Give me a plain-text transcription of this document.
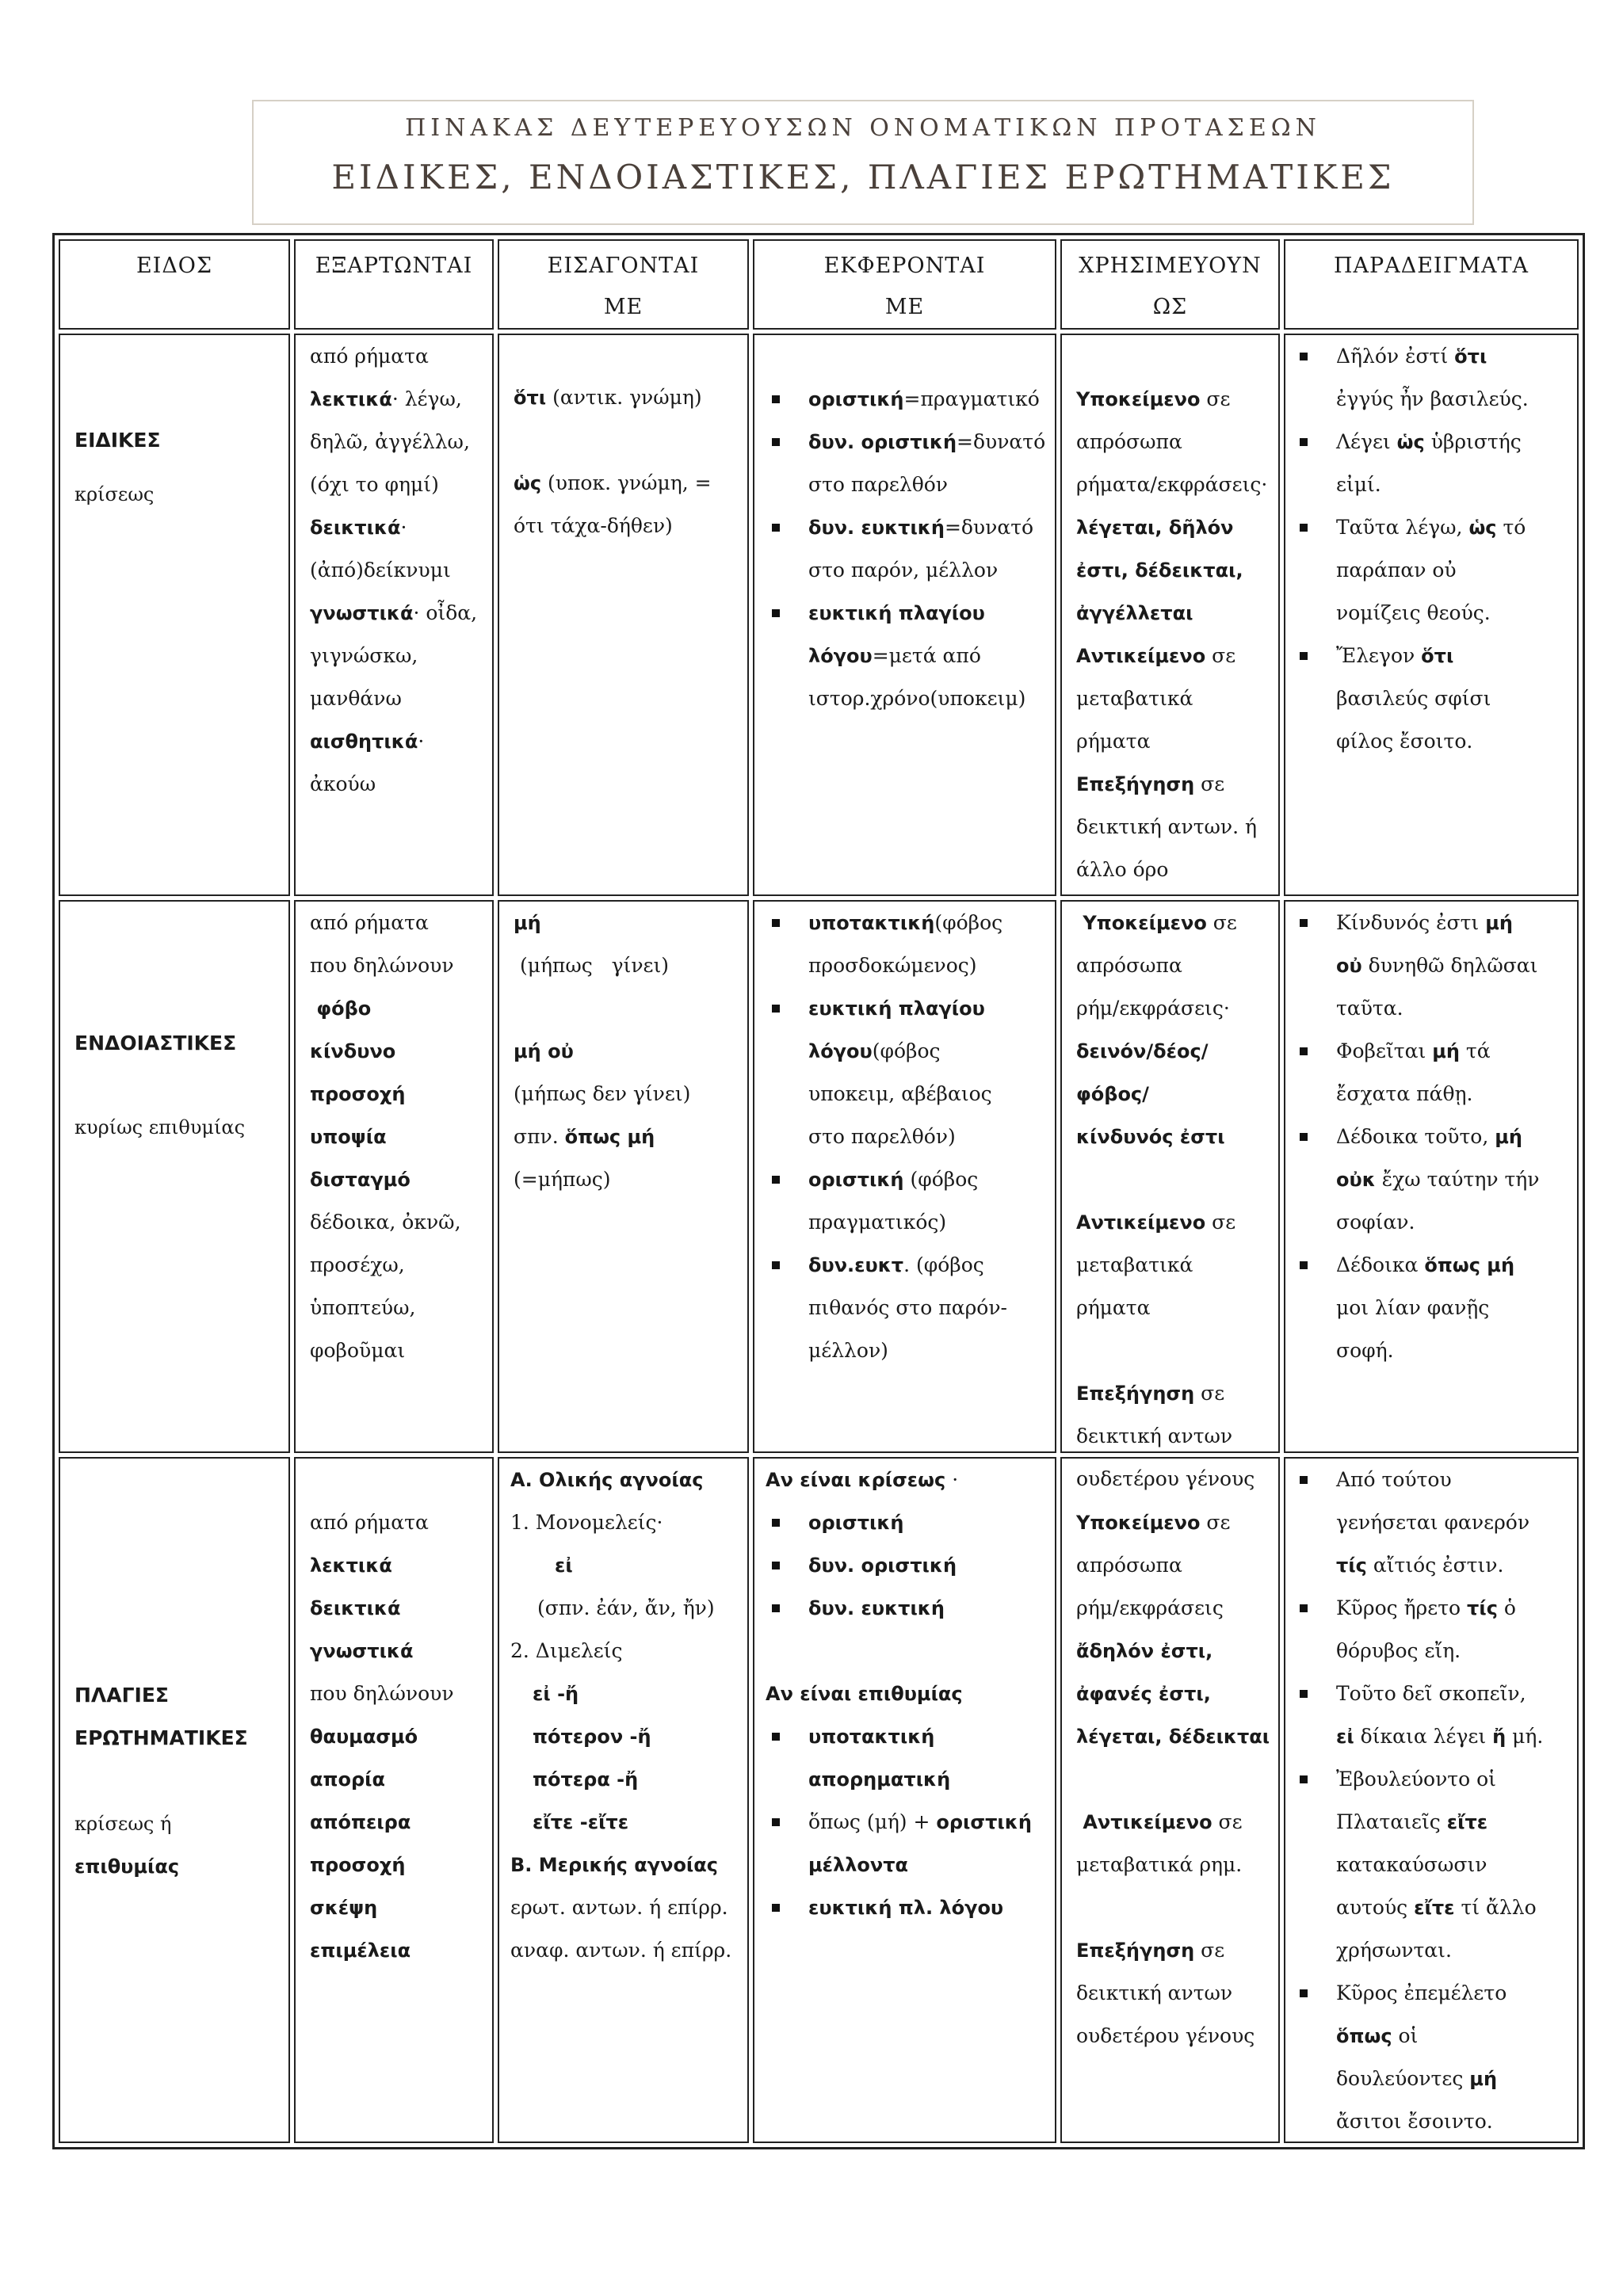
ΠΙΝΑΚΑΣ ΔΕΥΤΕΡΕΥΟΥΣΩΝ ΟΝΟΜΑΤΙΚΩΝ ΠΡΟΤΑΣΕΩΝ
ΕΙΔΙΚΕΣ, ΕΝΔΟΙΑΣΤΙΚΕΣ, ΠΛΑΓΙΕΣ ΕΡΩΤΗΜΑΤΙΚΕΣ
ΕΙΔΟΣ	ΕΞΑΡΤΩΝΤΑΙ	ΕΙΣΑΓΟΝΤΑΙ
ΜΕ
ΕΚΦΕΡΟΝΤΑΙ
ΜΕ
ΧΡΗΣΙΜΕΥΟΥΝ
ΩΣ
ΠΑΡΑΔΕΙΓΜΑΤΑ
ΕΙΔΙΚΕΣ
κρίσεως
από ρήματα
λεκτικά· λέγω,
δηλῶ, ἀγγέλλω,
(όχι το φημί)
δεικτικά·
(ἀπό)δείκνυμι
γνωστικά· οἶδα,
γιγνώσκω,
μανθάνω
αισθητικά·
ἀκούω
ὅτι (αντικ. γνώμη)
ὡς (υποκ. γνώμη, =
ότι τάχα-δήθεν)
οριστική=πραγματικό
δυν. οριστική=δυνατό
στο παρελθόν
δυν. ευκτική=δυνατό
στο παρόν, μέλλον
ευκτική πλαγίου
λόγου=μετά από
ιστορ.χρόνο(υποκειμ)
Υποκείμενο σε
απρόσωπα
ρήματα/εκφράσεις·
λέγεται, δῆλόν
ἐστι, δέδεικται,
ἀγγέλλεται
Αντικείμενο σε
μεταβατικά
ρήματα
Επεξήγηση σε
δεικτική αντων. ή
άλλο όρο
Δῆλόν ἐστί ὅτι
ἐγγύς ἦν βασιλεύς.
Λέγει ὡς ὑβριστής
εἰμί.
Ταῦτα λέγω, ὡς τό
παράπαν οὐ
νομίζεις θεούς.
Ἔλεγον ὅτι
βασιλεύς σφίσι
φίλος ἔσοιτο.
ΕΝΔΟΙΑΣΤΙΚΕΣ
κυρίως επιθυμίας
από ρήματα
που δηλώνουν
φόβο
κίνδυνο
προσοχή
υποψία
δισταγμό
δέδοικα, ὀκνῶ,
προσέχω,
ὑποπτεύω,
φοβοῦμαι
μή
(μήπως   γίνει)
μή οὐ
(μήπως δεν γίνει)
σπν. ὅπως μή
(=μήπως)
υποτακτική(φόβος
προσδοκώμενος)
ευκτική πλαγίου
λόγου(φόβος
υποκειμ, αβέβαιος
στο παρελθόν)
οριστική (φόβος
πραγματικός)
δυν.ευκτ. (φόβος
πιθανός στο παρόν-
μέλλον)
Υποκείμενο σε
απρόσωπα
ρήμ/εκφράσεις·
δεινόν/δέος/φόβος/
κίνδυνός ἐστι
Αντικείμενο σε
μεταβατικά
ρήματα
Επεξήγηση σε
δεικτική αντων
ουδετέρου γένους
Κίνδυνός ἐστι μή
οὐ δυνηθῶ δηλῶσαι
ταῦτα.
Φοβεῖται μή τά
ἔσχατα πάθῃ.
Δέδοικα τοῦτο, μή
οὐκ ἔχω ταύτην τήν
σοφίαν.
Δέδοικα ὅπως μή
μοι λίαν φανῇς
σοφή.
ΠΛΑΓΙΕΣ
ΕΡΩΤΗΜΑΤΙΚΕΣ
κρίσεως ή
επιθυμίας
από ρήματα
λεκτικά
δεικτικά
γνωστικά
που δηλώνουν
θαυμασμό
απορία
απόπειρα
προσοχή
σκέψη
επιμέλεια
Α. Ολικής αγνοίας
1. Μονομελείς·
εἰ
(σπν. ἐάν, ἄν, ἤν)
2. Διμελείς
εἰ -ἤ
πότερον -ἤ
πότερα -ἤ
εἴτε -εἴτε
Β. Μερικής αγνοίας
ερωτ. αντων. ή επίρρ.
αναφ. αντων. ή επίρρ.
Αν είναι κρίσεως ·
οριστική
δυν. οριστική
δυν. ευκτική
Αν είναι επιθυμίας
υποτακτική
απορηματική
ὅπως (μή) + οριστική
μέλλοντα
ευκτική πλ. λόγου
Υποκείμενο σε
απρόσωπα
ρήμ/εκφράσεις
ἄδηλόν ἐστι,
ἀφανές ἐστι,
λέγεται, δέδεικται
Αντικείμενο σε
μεταβατικά ρημ.
Επεξήγηση σε
δεικτική αντων
ουδετέρου γένους
Από τούτου
γενήσεται φανερόν
τίς αἴτιός ἐστιν.
Κῦρος ἤρετο τίς ὁ
θόρυβος εἴη.
Τοῦτο δεῖ σκοπεῖν,
εἰ δίκαια λέγει ἤ μή.
Ἐβουλεύοντο οἱ
Πλαταιεῖς εἴτε
κατακαύσωσιν
αυτούς εἴτε τί ἄλλο
χρήσωνται.
Κῦρος ἐπεμέλετο
ὅπως οἱ
δουλεύοντες μή
ἄσιτοι ἔσοιντο.
